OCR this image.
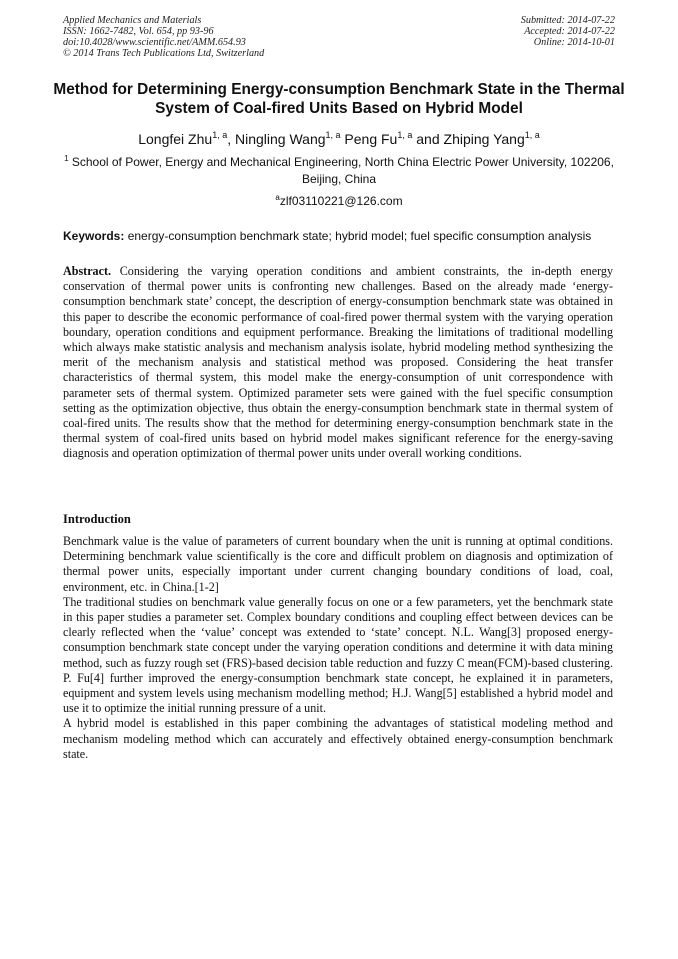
Applied Mechanics and Materials
ISSN: 1662-7482, Vol. 654, pp 93-96
doi:10.4028/www.scientific.net/AMM.654.93
© 2014 Trans Tech Publications Ltd, Switzerland
Submitted: 2014-07-22
Accepted: 2014-07-22
Online: 2014-10-01
Method for Determining Energy-consumption Benchmark State in the Thermal System of Coal-fired Units Based on Hybrid Model
Longfei Zhu$^{1, a}$, Ningling Wang$^{1, a}$ Peng Fu$^{1, a}$ and Zhiping Yang$^{1, a}$
$^1$ School of Power, Energy and Mechanical Engineering, North China Electric Power University, 102206, Beijing, China
$^a$zlf03110221@126.com
Keywords: energy-consumption benchmark state; hybrid model; fuel specific consumption analysis

Abstract. Considering the varying operation conditions and ambient constraints, the in-depth energy conservation of thermal power units is confronting new challenges. Based on the already made ‘energy-consumption benchmark state’ concept, the description of energy-consumption benchmark state was obtained in this paper to describe the economic performance of coal-fired power thermal system with the varying operation boundary, operation conditions and equipment performance. Breaking the limitations of traditional modelling which always make statistic analysis and mechanism analysis isolate, hybrid modeling method synthesizing the merit of the mechanism analysis and statistical method was proposed. Considering the heat transfer characteristics of thermal system, this model make the energy-consumption of unit correspondence with parameter sets of thermal system. Optimized parameter sets were gained with the fuel specific consumption setting as the optimization objective, thus obtain the energy-consumption benchmark state in thermal system of coal-fired units. The results show that the method for determining energy-consumption benchmark state in the thermal system of coal-fired units based on hybrid model makes significant reference for the energy-saving diagnosis and operation optimization of thermal power units under overall working conditions.

Introduction

Benchmark value is the value of parameters of current boundary when the unit is running at optimal conditions. Determining benchmark value scientifically is the core and difficult problem on diagnosis and optimization of thermal power units, especially important under current changing boundary conditions of load, coal, environment, etc. in China.[1-2]

The traditional studies on benchmark value generally focus on one or a few parameters, yet the benchmark state in this paper studies a parameter set. Complex boundary conditions and coupling effect between devices can be clearly reflected when the ‘value’ concept was extended to ‘state’ concept. N.L. Wang[3] proposed energy-consumption benchmark state concept under the varying operation conditions and determine it with data mining method, such as fuzzy rough set (FRS)-based decision table reduction and fuzzy C mean(FCM)-based clustering. P. Fu[4] further improved the energy-consumption benchmark state concept, he explained it in parameters, equipment and system levels using mechanism modelling method; H.J. Wang[5] established a hybrid model and use it to optimize the initial running pressure of a unit.

A hybrid model is established in this paper combining the advantages of statistical modeling method and mechanism modeling method which can accurately and effectively obtained energy-consumption benchmark state.
